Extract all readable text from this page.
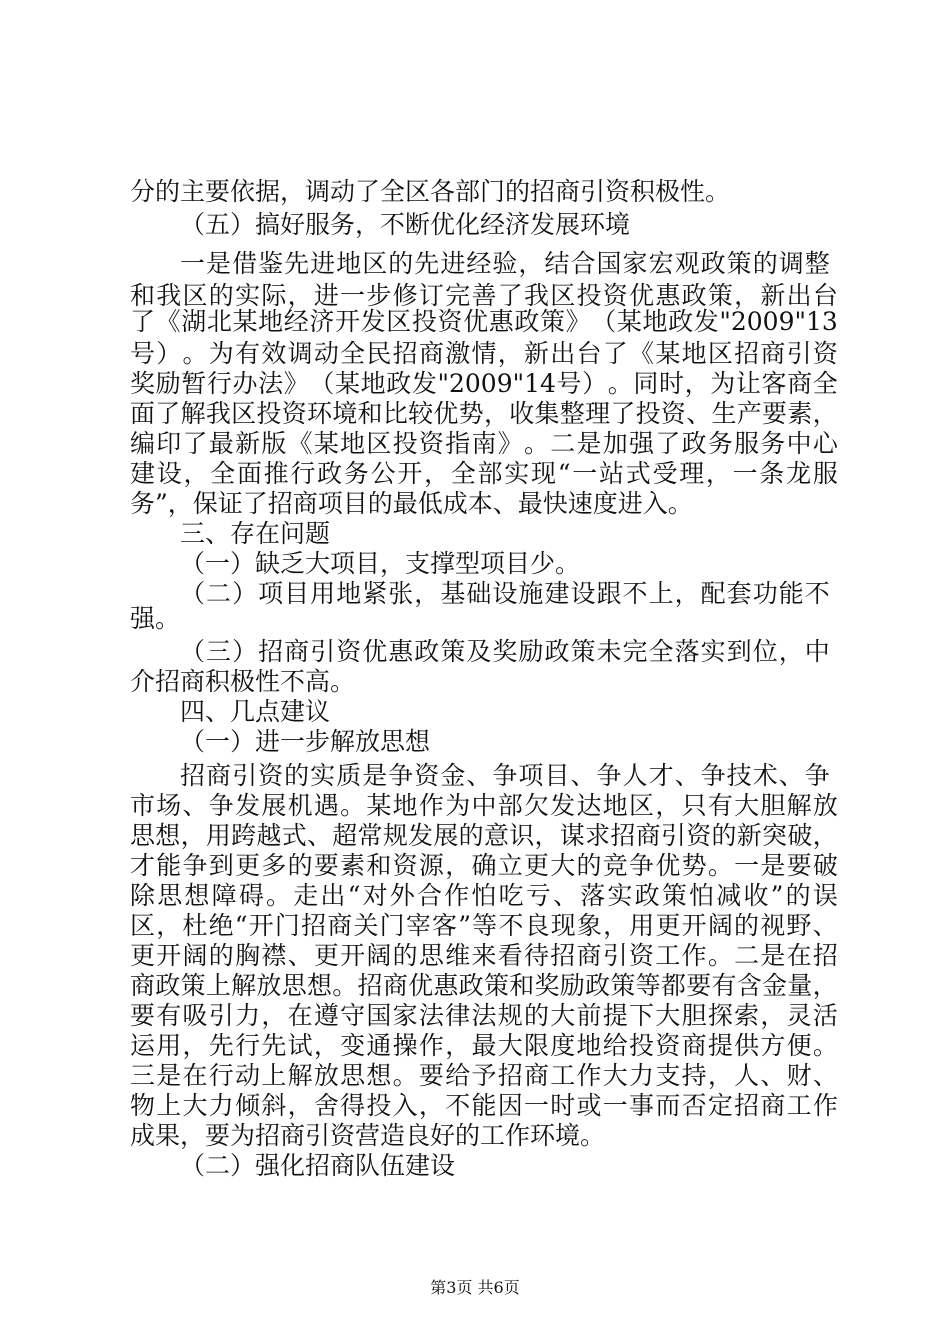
分的主要依据，调动了全区各部门的招商引资积极性。
（五）搞好服务，不断优化经济发展环境
一 是 借 鉴 先 进 地 区 的 先 进 经 验 ， 结 合 国 家 宏 观 政 策 的 调 整
和 我 区 的 实 际 ， 进 一 步 修 订 完 善 了 我 区 投 资 优 惠 政 策 ， 新 出 台
了 《 湖 北 某 地 经 济 开 发 区 投 资 优 惠 政 策 》 （ 某 地 政 发 "2009"13
号 ） 。 为 有 效 调 动 全 民 招 商 激 情 ， 新 出 台 了 《 某 地 区 招 商 引 资
奖 励 暂 行 办 法 》 （ 某 地 政 发 "2009"14 号 ） 。 同 时 ， 为 让 客 商 全
面 了 解 我 区 投 资 环 境 和 比 较 优 势 ， 收 集 整 理 了 投 资 、 生 产 要 素 ，
编 印 了 最 新 版 《 某 地 区 投 资 指 南 》 。 二 是 加 强 了 政 务 服 务 中 心
建 设 ， 全 面 推 行 政 务 公 开 ， 全 部 实 现 “ 一 站 式 受 理 ， 一 条 龙 服
务”，保证了招商项目的最低成本、最快速度进入。
三、存在问题
（一）缺乏大项目，支撑型项目少。
（ 二 ） 项 目 用 地 紧 张 ， 基 础 设 施 建 设 跟 不 上 ， 配 套 功 能 不
强。
（ 三 ） 招 商 引 资 优 惠 政 策 及 奖 励 政 策 未 完 全 落 实 到 位 ， 中
介招商积极性不高。
四、几点建议
（一）进一步解放思想
招 商 引 资 的 实 质 是 争 资 金 、 争 项 目 、 争 人 才 、 争 技 术 、 争
市 场 、 争 发 展 机 遇 。 某 地 作 为 中 部 欠 发 达 地 区 ， 只 有 大 胆 解 放
思 想 ， 用 跨 越 式 、 超 常 规 发 展 的 意 识 ， 谋 求 招 商 引 资 的 新 突 破 ，
才 能 争 到 更 多 的 要 素 和 资 源 ， 确 立 更 大 的 竞 争 优 势 。 一 是 要 破
除 思 想 障 碍 。 走 出 “ 对 外 合 作 怕 吃 亏 、 落 实 政 策 怕 减 收 ” 的 误
区 ， 杜 绝 “ 开 门 招 商 关 门 宰 客 ” 等 不 良 现 象 ， 用 更 开 阔 的 视 野 、
更 开 阔 的 胸 襟 、 更 开 阔 的 思 维 来 看 待 招 商 引 资 工 作 。 二 是 在 招
商 政 策 上 解 放 思 想 。 招 商 优 惠 政 策 和 奖 励 政 策 等 都 要 有 含 金 量 ，
要 有 吸 引 力 ， 在 遵 守 国 家 法 律 法 规 的 大 前 提 下 大 胆 探 索 ， 灵 活
运 用 ， 先 行 先 试 ， 变 通 操 作 ， 最 大 限 度 地 给 投 资 商 提 供 方 便 。
三 是 在 行 动 上 解 放 思 想 。 要 给 予 招 商 工 作 大 力 支 持 ， 人 、 财 、
物 上 大 力 倾 斜 ， 舍 得 投 入 ， 不 能 因 一 时 或 一 事 而 否 定 招 商 工 作
成果，要为招商引资营造良好的工作环境。
（二）强化招商队伍建设
第3页 共6页
